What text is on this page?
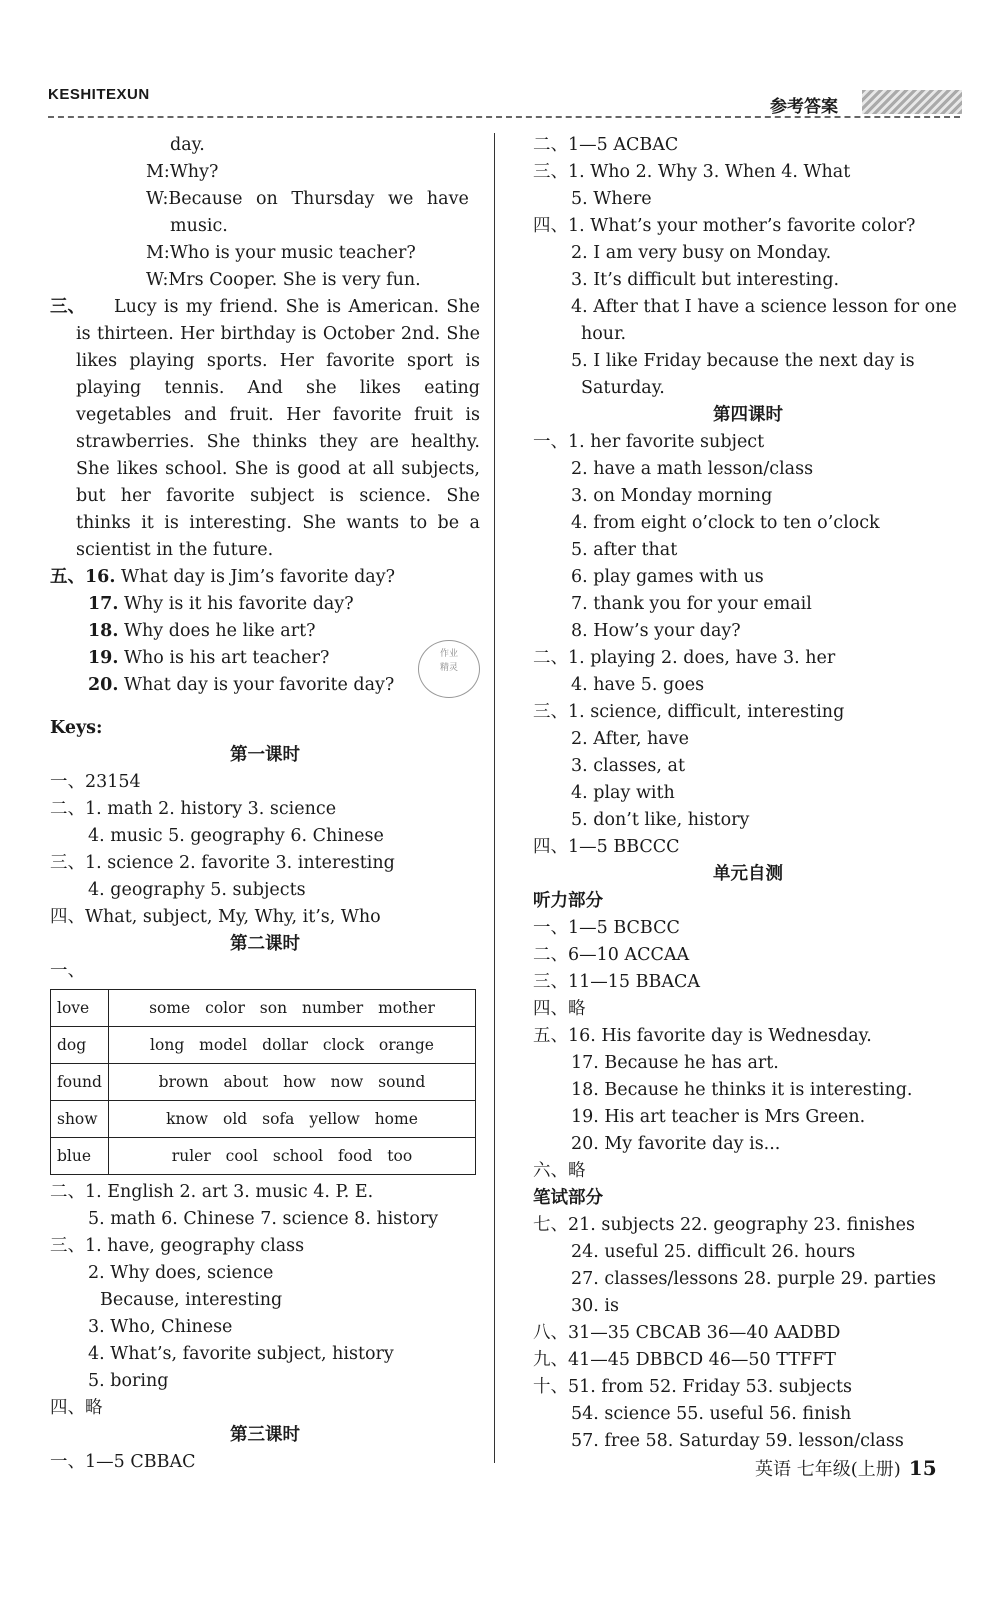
KESHITEXUN
参考答案
作业
精灵
day.
M:Why?
W:Because on Thursday we have
music.
M:Who is your music teacher?
W:Mrs Cooper. She is very fun.
三、	Lucy is my friend. She is American. She is thirteen. Her birthday is October 2nd. She likes playing sports. Her favorite sport is playing tennis. And she likes eating vegetables and fruit. Her favorite fruit is strawberries. She thinks they are healthy. She likes school. She is good at all subjects, but her favorite subject is science. She thinks it is interesting. She wants to be a scientist in the future.
五、16. What day is Jim’s favorite day?
17. Why is it his favorite day?
18. Why does he like art?
19. Who is his art teacher?
20. What day is your favorite day?
Keys:
第一课时
一、23154
二、1. math 2. history 3. science
4. music 5. geography 6. Chinese
三、1. science 2. favorite 3. interesting
4. geography 5. subjects
四、What, subject, My, Why, it’s, Who
第二课时
一、
love	some color son number mother
dog	long model dollar clock orange
found	brown about how now sound
show	know old sofa yellow home
blue	ruler cool school food too
二、1. English 2. art 3. music 4. P. E.
5. math 6. Chinese 7. science 8. history
三、1. have, geography class
2. Why does, science
Because, interesting
3. Who, Chinese
4. What’s, favorite subject, history
5. boring
四、略
第三课时
一、1—5 CBBAC
二、1—5 ACBAC
三、1. Who 2. Why 3. When 4. What
5. Where
四、1. What’s your mother’s favorite color?
2. I am very busy on Monday.
3. It’s difficult but interesting.
4. After that I have a science lesson for one
hour.
5. I like Friday because the next day is
Saturday.
第四课时
一、1. her favorite subject
2. have a math lesson/class
3. on Monday morning
4. from eight o’clock to ten o’clock
5. after that
6. play games with us
7. thank you for your email
8. How’s your day?
二、1. playing 2. does, have 3. her
4. have 5. goes
三、1. science, difficult, interesting
2. After, have
3. classes, at
4. play with
5. don’t like, history
四、1—5 BBCCC
单元自测
听力部分
一、1—5 BCBCC
二、6—10 ACCAA
三、11—15 BBACA
四、略
五、16. His favorite day is Wednesday.
17. Because he has art.
18. Because he thinks it is interesting.
19. His art teacher is Mrs Green.
20. My favorite day is...
六、略
笔试部分
七、21. subjects 22. geography 23. finishes
24. useful 25. difficult 26. hours
27. classes/lessons 28. purple 29. parties
30. is
八、31—35 CBCAB 36—40 AADBD
九、41—45 DBBCD 46—50 TTFFT
十、51. from 52. Friday 53. subjects
54. science 55. useful 56. finish
57. free 58. Saturday 59. lesson/class
英语 七年级(上册) 15
